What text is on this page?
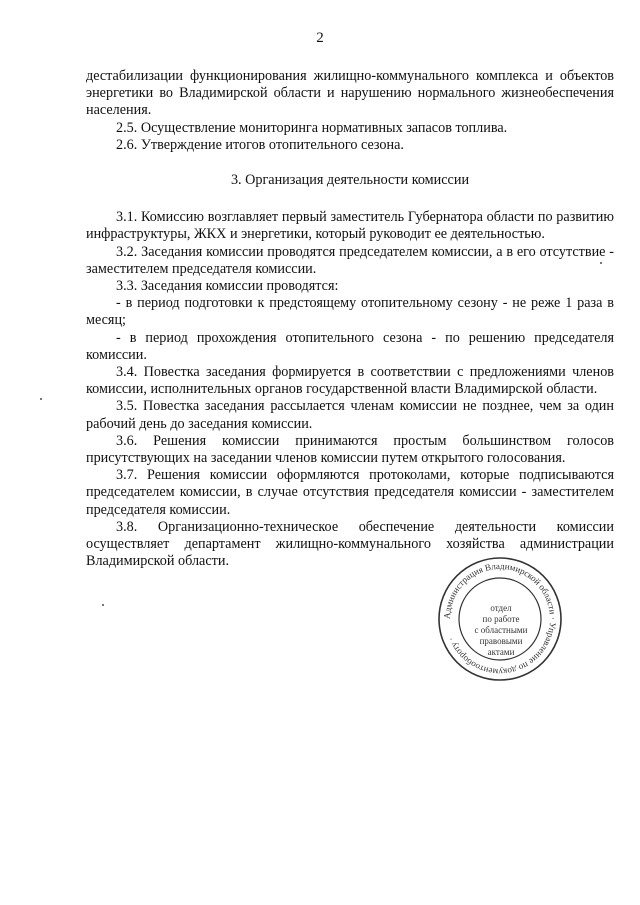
2

дестабилизации функционирования жилищно-коммунального комплекса и объектов энергетики во Владимирской области и нарушению нормального жизнеобеспечения населения.

2.5. Осуществление мониторинга нормативных запасов топлива.

2.6. Утверждение итогов отопительного сезона.

3. Организация деятельности комиссии

3.1. Комиссию возглавляет первый заместитель Губернатора области по развитию инфраструктуры, ЖКХ и энергетики, который руководит ее деятельностью.

3.2. Заседания комиссии проводятся председателем комиссии, а в его отсутствие - заместителем председателя комиссии.

3.3. Заседания комиссии проводятся:

- в период подготовки к предстоящему отопительному сезону - не реже 1 раза в месяц;

- в период прохождения отопительного сезона - по решению председателя комиссии.

3.4. Повестка заседания формируется в соответствии с предложениями членов комиссии, исполнительных органов государственной власти Владимирской области.

3.5. Повестка заседания рассылается членам комиссии не позднее, чем за один рабочий день до заседания комиссии.

3.6. Решения комиссии принимаются простым большинством голосов присутствующих на заседании членов комиссии путем открытого голосования.

3.7. Решения комиссии оформляются протоколами, которые подписываются председателем комиссии, в случае отсутствия председателя комиссии - заместителем председателя комиссии.

3.8. Организационно-техническое обеспечение деятельности комиссии осуществляет департамент жилищно-коммунального хозяйства администрации Владимирской области.

Администрация Владимирской области · Управление по документообороту ·
отдел
по работе
с областными
правовыми
актами
